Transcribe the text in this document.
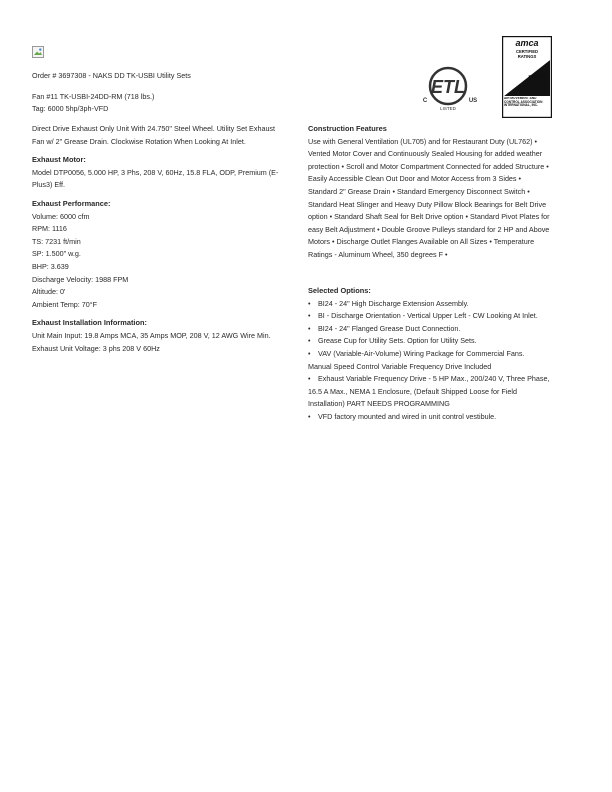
ETL
C	US
LISTED
amca
CERTIFIED
RATINGS
SOUND
+
AIR
AIR MOVEMENT AND CONTROL ASSOCIATION INTERNATIONAL, INC.

Order # 3697308 - NAKS DD TK-USBI Utility Sets

Fan #11 TK-USBI-24DD-RM (718 lbs.)

Tag: 6000 5hp/3ph-VFD

Direct Drive Exhaust Only Unit With 24.750" Steel Wheel. Utility Set Exhaust Fan w/ 2" Grease Drain. Clockwise Rotation When Looking At Inlet.

Exhaust Motor:

Model DTP0056, 5.000 HP, 3 Phs, 208 V, 60Hz, 15.8 FLA, ODP, Premium (E-Plus3) Eff.

Exhaust Performance:

Volume: 6000 cfm

RPM: 1116

TS: 7231 ft/min

SP: 1.500" w.g.

BHP: 3.639

Discharge Velocity: 1988 FPM

Altitude: 0'

Ambient Temp: 70°F

Exhaust Installation Information:

Unit Main Input: 19.8 Amps MCA, 35 Amps MOP, 208 V, 12 AWG Wire Min.

Exhaust Unit Voltage: 3 phs 208 V 60Hz

Construction Features

Use with General Ventilation (UL705) and for Restaurant Duty (UL762) • Vented Motor Cover and Continuously Sealed Housing for added weather protection • Scroll and Motor Compartment Connected for added Structure • Easily Accessible Clean Out Door and Motor Access from 3 Sides • Standard 2" Grease Drain • Standard Emergency Disconnect Switch • Standard Heat Slinger and Heavy Duty Pillow Block Bearings for Belt Drive option • Standard Shaft Seal for Belt Drive option • Standard Pivot Plates for easy Belt Adjustment • Double Groove Pulleys standard for 2 HP and Above Motors • Discharge Outlet Flanges Available on All Sizes • Temperature Ratings - Aluminum Wheel, 350 degrees F •

Selected Options:

• BI24 - 24" High Discharge Extension Assembly.
• BI - Discharge Orientation - Vertical Upper Left - CW Looking At Inlet.
• BI24 - 24" Flanged Grease Duct Connection.
• Grease Cup for Utility Sets. Option for Utility Sets.
• VAV (Variable-Air-Volume) Wiring Package for Commercial Fans. Manual Speed Control Variable Frequency Drive Included
• Exhaust Variable Frequency Drive - 5 HP Max., 200/240 V, Three Phase, 16.5 A Max., NEMA 1 Enclosure, (Default Shipped Loose for Field Installation) PART NEEDS PROGRAMMING
• VFD factory mounted and wired in unit control vestibule.
